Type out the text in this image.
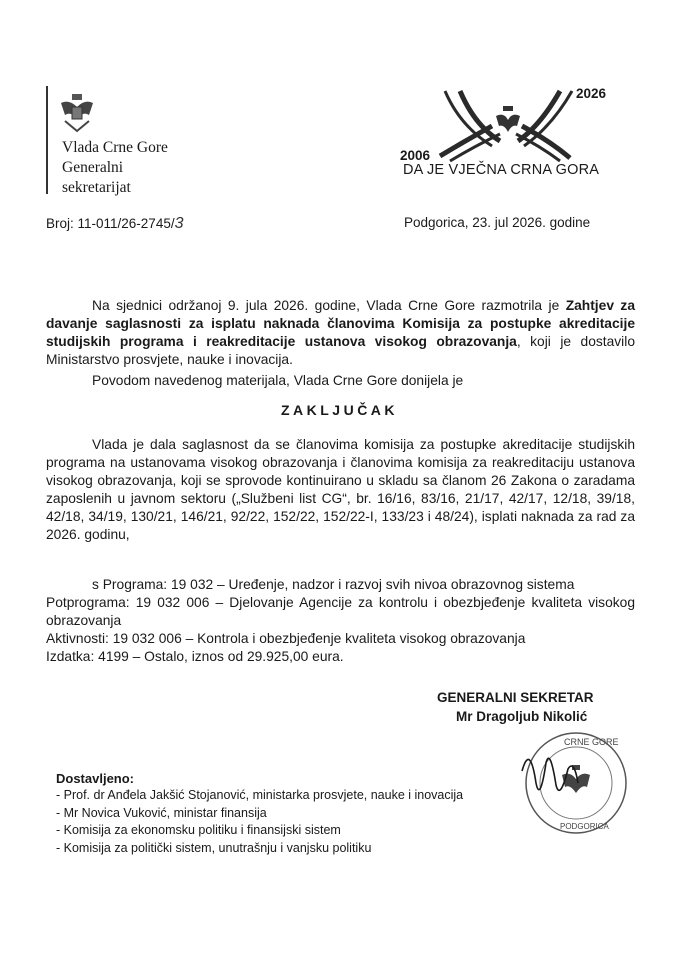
Vlada Crne Gore
Generalni
sekretarijat
2026
2006
DA JE VJEČNA CRNA GORA
Broj: 11-011/26-2745/3	Podgorica, 23. jul 2026. godine
Na sjednici održanoj 9. jula 2026. godine, Vlada Crne Gore razmotrila je Zahtjev za davanje saglasnosti za isplatu naknada članovima Komisija za postupke akreditacije studijskih programa i reakreditacije ustanova visokog obrazovanja, koji je dostavilo Ministarstvo prosvjete, nauke i inovacija.
Povodom navedenog materijala, Vlada Crne Gore donijela je
ZAKLJUČAK
Vlada je dala saglasnost da se članovima komisija za postupke akreditacije studijskih programa na ustanovama visokog obrazovanja i članovima komisija za reakreditaciju ustanova visokog obrazovanja, koji se sprovode kontinuirano u skladu sa članom 26 Zakona o zaradama zaposlenih u javnom sektoru („Službeni list CG“, br. 16/16, 83/16, 21/17, 42/17, 12/18, 39/18, 42/18, 34/19, 130/21, 146/21, 92/22, 152/22, 152/22-I, 133/23 i 48/24), isplati naknada za rad za 2026. godinu,
s Programa: 19 032 – Uređenje, nadzor i razvoj svih nivoa obrazovnog sistema
Potprograma: 19 032 006 – Djelovanje Agencije za kontrolu i obezbjeđenje kvaliteta visokog obrazovanja
Aktivnosti: 19 032 006 – Kontrola i obezbjeđenje kvaliteta visokog obrazovanja
Izdatka: 4199 – Ostalo, iznos od 29.925,00 eura.
GENERALNI SEKRETAR
Mr Dragoljub Nikolić
CRNE GORE
PODGORICA
Dostavljeno:
- Prof. dr Anđela Jakšić Stojanović, ministarka prosvjete, nauke i inovacija
- Mr Novica Vuković, ministar finansija
- Komisija za ekonomsku politiku i finansijski sistem
- Komisija za politički sistem, unutrašnju i vanjsku politiku
